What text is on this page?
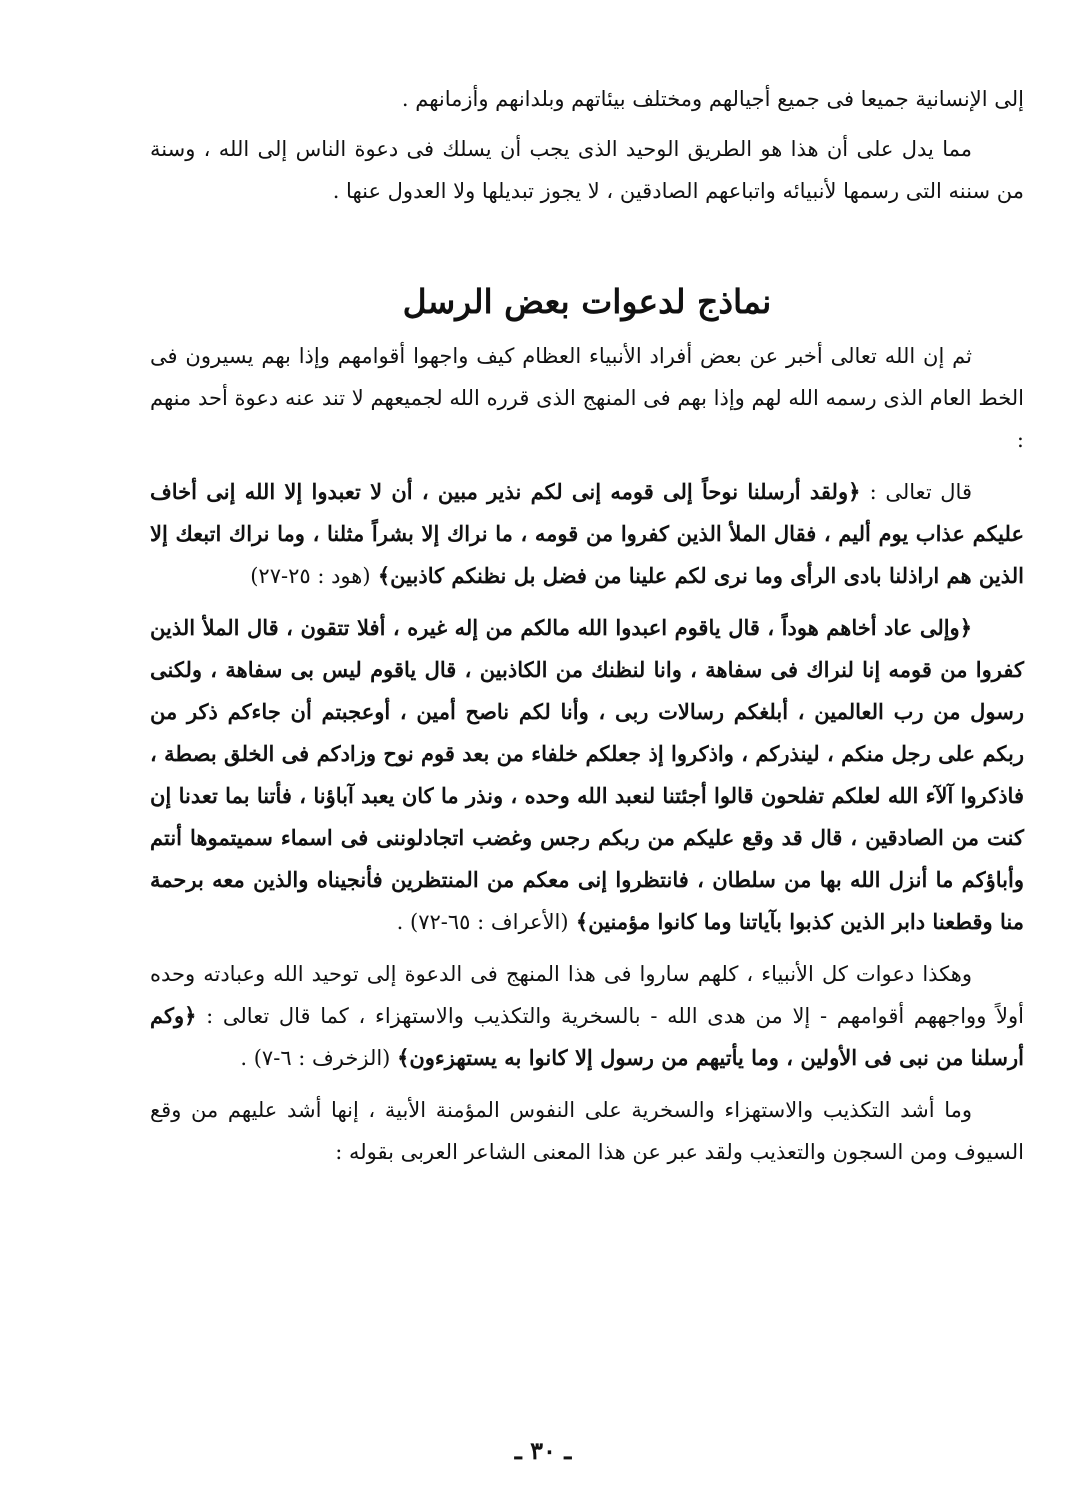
إلى الإنسانية جميعا فى جميع أجيالهم ومختلف بيئاتهم وبلدانهم وأزمانهم .

مما يدل على أن هذا هو الطريق الوحيد الذى يجب أن يسلك فى دعوة الناس إلى الله ، وسنة من سننه التى رسمها لأنبيائه واتباعهم الصادقين ، لا يجوز تبديلها ولا العدول عنها .

نماذج لدعوات بعض الرسل

ثم إن الله تعالى أخبر عن بعض أفراد الأنبياء العظام كيف واجهوا أقوامهم وإذا بهم يسيرون فى الخط العام الذى رسمه الله لهم وإذا بهم فى المنهج الذى قرره الله لجميعهم لا تند عنه دعوة أحد منهم :

قال تعالى : ﴿ولقد أرسلنا نوحاً إلى قومه إنى لكم نذير مبين ، أن لا تعبدوا إلا الله إنى أخاف عليكم عذاب يوم أليم ، فقال الملأ الذين كفروا من قومه ، ما نراك إلا بشراً مثلنا ، وما نراك اتبعك إلا الذين هم اراذلنا بادى الرأى وما نرى لكم علينا من فضل بل نظنكم كاذبين﴾ (هود : ٢٥-٢٧)

﴿وإلى عاد أخاهم هوداً ، قال ياقوم اعبدوا الله مالكم من إله غيره ، أفلا تتقون ، قال الملأ الذين كفروا من قومه إنا لنراك فى سفاهة ، وانا لنظنك من الكاذبين ، قال ياقوم ليس بى سفاهة ، ولكنى رسول من رب العالمين ، أبلغكم رسالات ربى ، وأنا لكم ناصح أمين ، أوعجبتم أن جاءكم ذكر من ربكم على رجل منكم ، لينذركم ، واذكروا إذ جعلكم خلفاء من بعد قوم نوح وزادكم فى الخلق بصطة ، فاذكروا آلآء الله لعلكم تفلحون قالوا أجئتنا لنعبد الله وحده ، ونذر ما كان يعبد آباؤنا ، فأتنا بما تعدنا إن كنت من الصادقين ، قال قد وقع عليكم من ربكم رجس وغضب اتجادلوننى فى اسماء سميتموها أنتم وأباؤكم ما أنزل الله بها من سلطان ، فانتظروا إنى معكم من المنتظرين فأنجيناه والذين معه برحمة منا وقطعنا دابر الذين كذبوا بآياتنا وما كانوا مؤمنين﴾ (الأعراف : ٦٥-٧٢) .

وهكذا دعوات كل الأنبياء ، كلهم ساروا فى هذا المنهج فى الدعوة إلى توحيد الله وعبادته وحده أولاً وواجههم أقوامهم - إلا من هدى الله - بالسخرية والتكذيب والاستهزاء ، كما قال تعالى : ﴿وكم أرسلنا من نبى فى الأولين ، وما يأتيهم من رسول إلا كانوا به يستهزءون﴾ (الزخرف : ٦-٧) .

وما أشد التكذيب والاستهزاء والسخرية على النفوس المؤمنة الأبية ، إنها أشد عليهم من وقع السيوف ومن السجون والتعذيب ولقد عبر عن هذا المعنى الشاعر العربى بقوله :

ـ ٣٠ ـ
